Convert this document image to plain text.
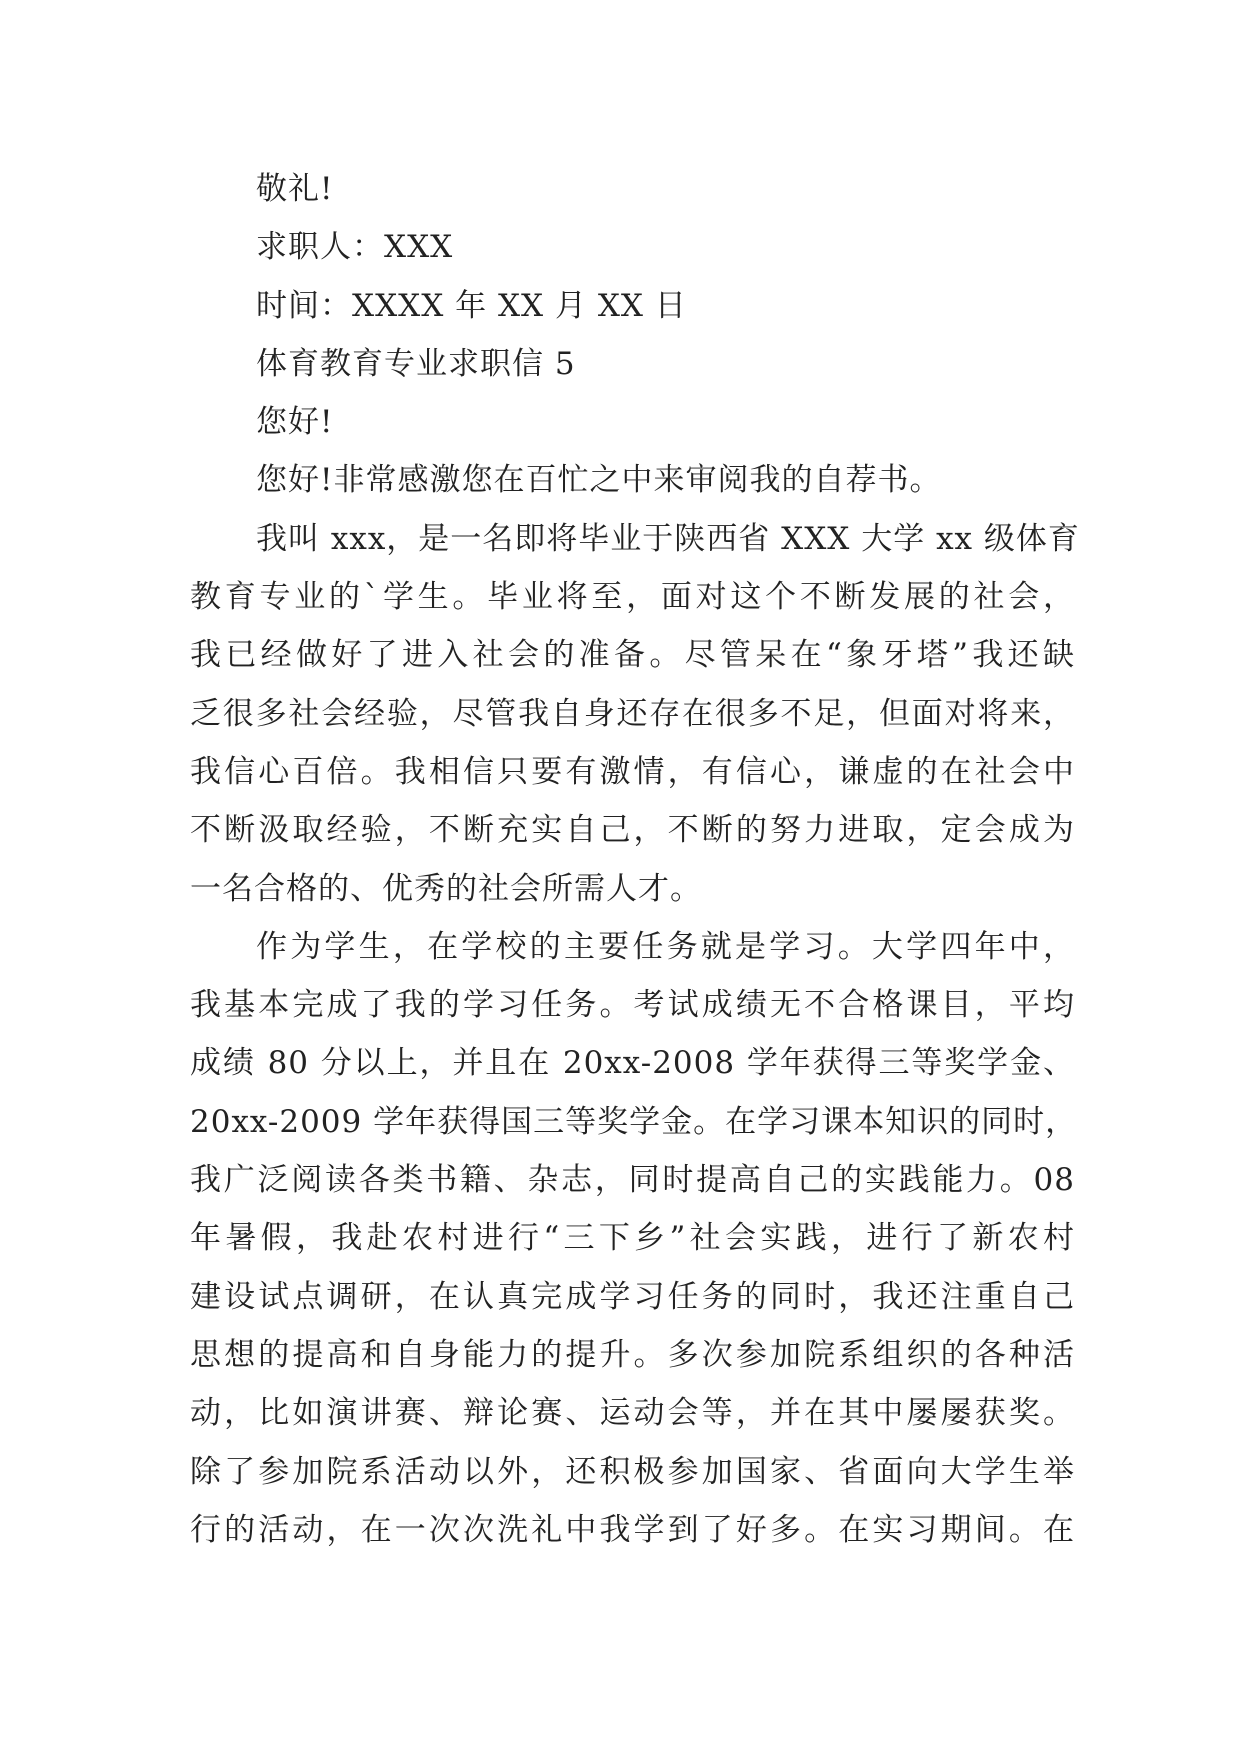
敬礼!
求职人：XXX
时间：XXXX 年 XX 月 XX 日
体育教育专业求职信 5
您好!
您好!非常感激您在百忙之中来审阅我的自荐书。
我叫 xxx，是一名即将毕业于陕西省 XXX 大学 xx 级体育
教育专业的`学生。毕业将至，面对这个不断发展的社会，
我已经做好了进入社会的准备。尽管呆在“象牙塔”我还缺
乏很多社会经验，尽管我自身还存在很多不足，但面对将来，
我信心百倍。我相信只要有激情，有信心，谦虚的在社会中
不断汲取经验，不断充实自己，不断的努力进取，定会成为
一名合格的、优秀的社会所需人才。
作为学生，在学校的主要任务就是学习。大学四年中，
我基本完成了我的学习任务。考试成绩无不合格课目，平均
成绩 80 分以上，并且在 20xx-2008 学年获得三等奖学金、
20xx-2009 学年获得国三等奖学金。在学习课本知识的同时，
我广泛阅读各类书籍、杂志，同时提高自己的实践能力。08
年暑假，我赴农村进行“三下乡”社会实践，进行了新农村
建设试点调研，在认真完成学习任务的同时，我还注重自己
思想的提高和自身能力的提升。多次参加院系组织的各种活
动，比如演讲赛、辩论赛、运动会等，并在其中屡屡获奖。
除了参加院系活动以外，还积极参加国家、省面向大学生举
行的活动，在一次次洗礼中我学到了好多。在实习期间。在
